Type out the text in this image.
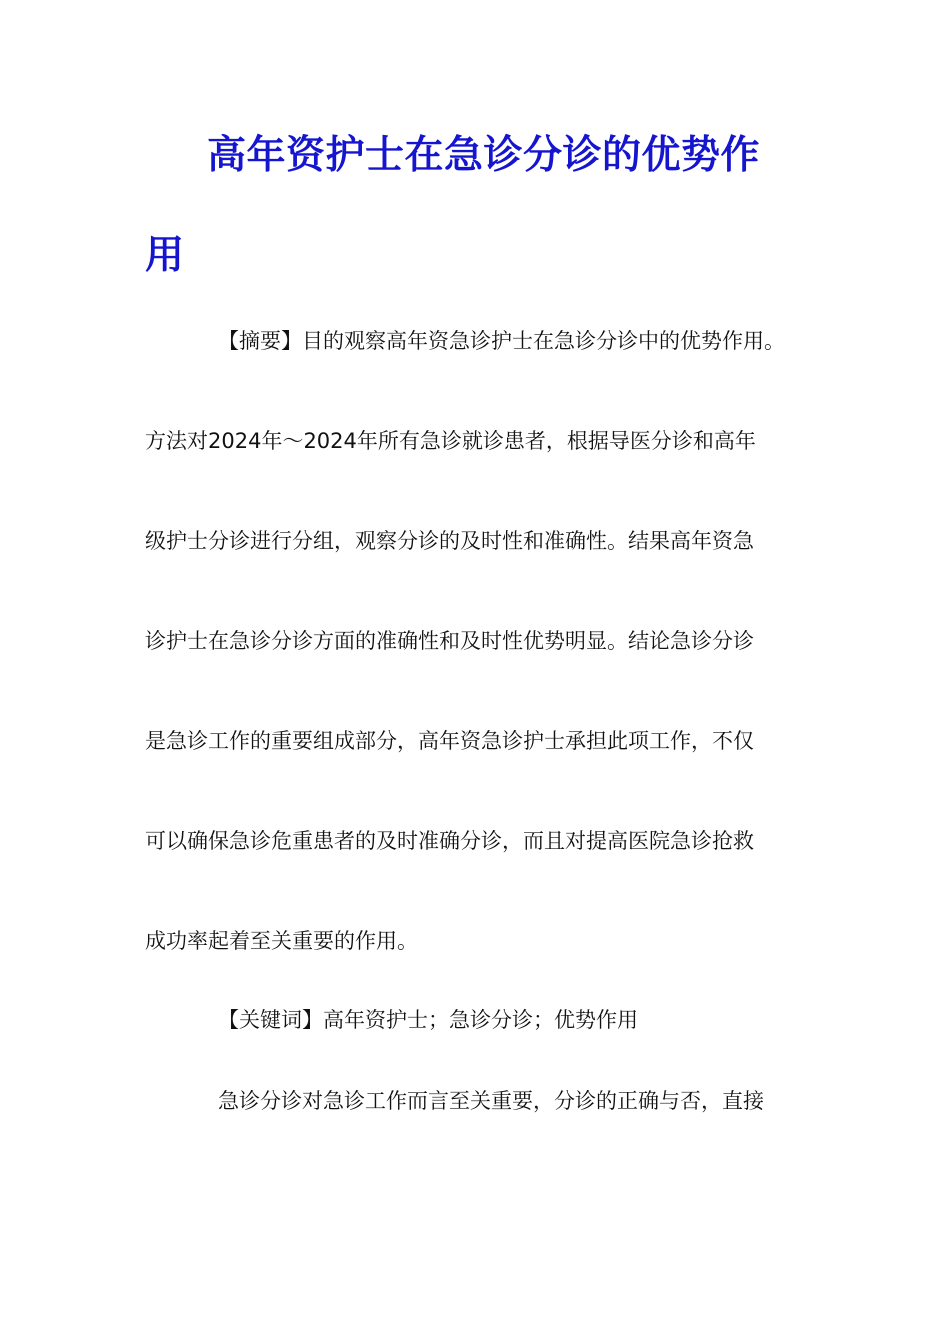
高年资护士在急诊分诊的优势作
用
【摘要】目的观察高年资急诊护士在急诊分诊中的优势作用。
方法对2024年～2024年所有急诊就诊患者，根据导医分诊和高年
级护士分诊进行分组，观察分诊的及时性和准确性。结果高年资急
诊护士在急诊分诊方面的准确性和及时性优势明显。结论急诊分诊
是急诊工作的重要组成部分，高年资急诊护士承担此项工作，不仅
可以确保急诊危重患者的及时准确分诊，而且对提高医院急诊抢救
成功率起着至关重要的作用。
【关键词】高年资护士；急诊分诊；优势作用
急诊分诊对急诊工作而言至关重要，分诊的正确与否，直接
